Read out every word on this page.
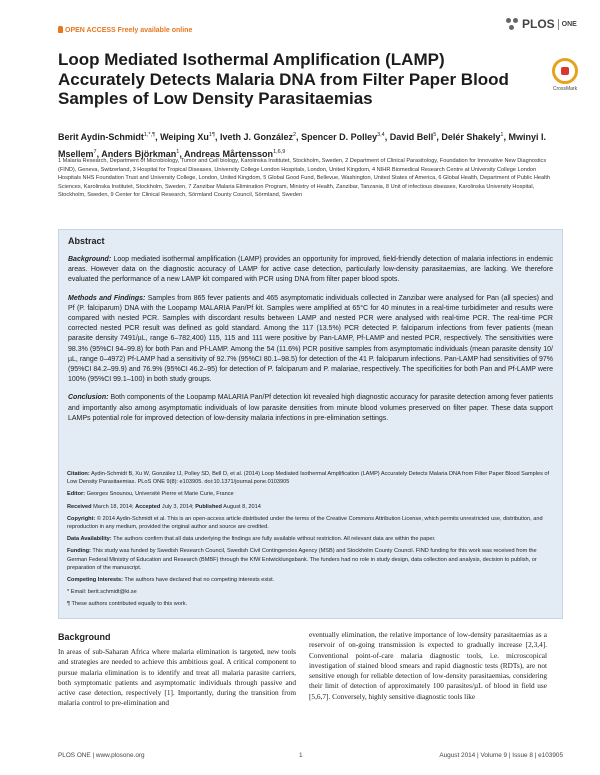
OPEN ACCESS Freely available online	PLOS ONE
Loop Mediated Isothermal Amplification (LAMP) Accurately Detects Malaria DNA from Filter Paper Blood Samples of Low Density Parasitaemias	CrossMark
Berit Aydin-Schmidt$^{1,*,\P}$, Weiping $Xu^{1\P}$, Iveth J. González$^2$, Spencer D. Polley$^{3,4}$, David Bell$^5$, Delér Shakely$^1$, Mwinyi I. Msellem$^7$, Anders Björkman$^1$, Andreas Mårtensson$^{1,6,9}$
1 Malaria Research, Department of Microbiology, Tumor and Cell biology, Karolinska Institutet, Stockholm, Sweden, 2 Department of Clinical Parasitology, Foundation for Innovative New Diagnostics (FIND), Geneva, Switzerland, 3 Hospital for Tropical Diseases, University College London Hospitals, London, United Kingdom, 4 NIHR Biomedical Research Centre at University College London Hospitals NHS Foundation Trust and University College, London, United Kingdom, 5 Global Good Fund, Bellevue, Washington, United States of America, 6 Global Health, Department of Public Health Sciences, Karolinska Institutet, Stockholm, Sweden, 7 Zanzibar Malaria Elimination Program, Ministry of Health, Zanzibar, Tanzania, 8 Unit of infectious diseases, Karolinska University Hospital, Stockholm, Sweden, 9 Center for Clinical Research, Sörmland County Council, Sörmland, Sweden
Abstract

Background: Loop mediated isothermal amplification (LAMP) provides an opportunity for improved, field-friendly detection of malaria infections in endemic areas. However data on the diagnostic accuracy of LAMP for active case detection, particularly low-density parasitaemias, are lacking. We therefore evaluated the performance of a new LAMP kit compared with PCR using DNA from filter paper blood spots.

Methods and Findings: Samples from 865 fever patients and 465 asymptomatic individuals collected in Zanzibar were analysed for Pan (all species) and Pf (P. falciparum) DNA with the Loopamp MALARIA Pan/Pf kit. Samples were amplified at 65°C for 40 minutes in a real-time turbidimeter and results were compared with nested PCR. Samples with discordant results between LAMP and nested PCR were analysed with real-time PCR. The real-time PCR corrected nested PCR result was defined as gold standard. Among the 117 (13.5%) PCR detected P. falciparum infections from fever patients (mean parasite density 7491/µL, range 6–782,400) 115, 115 and 111 were positive by Pan-LAMP, Pf-LAMP and nested PCR, respectively. The sensitivities were 98.3% (95%CI 94–99.8) for both Pan and Pf-LAMP. Among the 54 (11.6%) PCR positive samples from asymptomatic individuals (mean parasite density 10/µL, range 0–4972) Pf-LAMP had a sensitivity of 92.7% (95%CI 80.1–98.5) for detection of the 41 P. falciparum infections. Pan-LAMP had sensitivities of 97% (95%CI 84.2–99.9) and 76.9% (95%CI 46.2–95) for detection of P. falciparum and P. malariae, respectively. The specificities for both Pan and Pf-LAMP were 100% (95%CI 99.1–100) in both study groups.

Conclusion: Both components of the Loopamp MALARIA Pan/Pf detection kit revealed high diagnostic accuracy for parasite detection among fever patients and importantly also among asymptomatic individuals of low parasite densities from minute blood volumes preserved on filter paper. These data support LAMPs potential role for improved detection of low-density malaria infections in pre-elimination settings.

Citation: Aydin-Schmidt B, Xu W, González IJ, Polley SD, Bell D, et al. (2014) Loop Mediated Isothermal Amplification (LAMP) Accurately Detects Malaria DNA from Filter Paper Blood Samples of Low Density Parasitaemias. PLoS ONE 9(8): e103905. doi:10.1371/journal.pone.0103905

Editor: Georges Snounou, Université Pierre et Marie Curie, France

Received March 18, 2014; Accepted July 3, 2014; Published August 8, 2014

Copyright: © 2014 Aydin-Schmidt et al. This is an open-access article distributed under the terms of the Creative Commons Attribution License, which permits unrestricted use, distribution, and reproduction in any medium, provided the original author and source are credited.

Data Availability: The authors confirm that all data underlying the findings are fully available without restriction. All relevant data are within the paper.

Funding: This study was funded by Swedish Research Council, Swedish Civil Contingencies Agency (MSB) and Stockholm County Council. FIND funding for this work was received from the German Federal Ministry of Education and Research (BMBF) through the KfW Entwicklungsbank. The funders had no role in study design, data collection and analysis, decision to publish, or preparation of the manuscript.

Competing Interests: The authors have declared that no competing interests exist.

* Email: berit.schmidt@ki.se

¶ These authors contributed equally to this work.

Background
In areas of sub-Saharan Africa where malaria elimination is targeted, new tools and strategies are needed to achieve this ambitious goal. A critical component to pursue malaria elimination is to identify and treat all malaria parasite carriers, both symptomatic patients and asymptomatic individuals through passive and active case detection, respectively [1]. Importantly, during the transition from malaria control to pre-elimination and
eventually elimination, the relative importance of low-density parasitaemias as a reservoir of on-going transmission is expected to gradually increase [2,3,4]. Conventional point-of-care malaria diagnostic tools, i.e. microscopical investigation of stained blood smears and rapid diagnostic tests (RDTs), are not sensitive enough for reliable detection of low-density parasitaemias, considering their limit of detection of approximately 100 parasites/µL of blood in field use [5,6,7]. Conversely, highly sensitive diagnostic tools like
PLOS ONE | www.plosone.org	1	August 2014 | Volume 9 | Issue 8 | e103905
